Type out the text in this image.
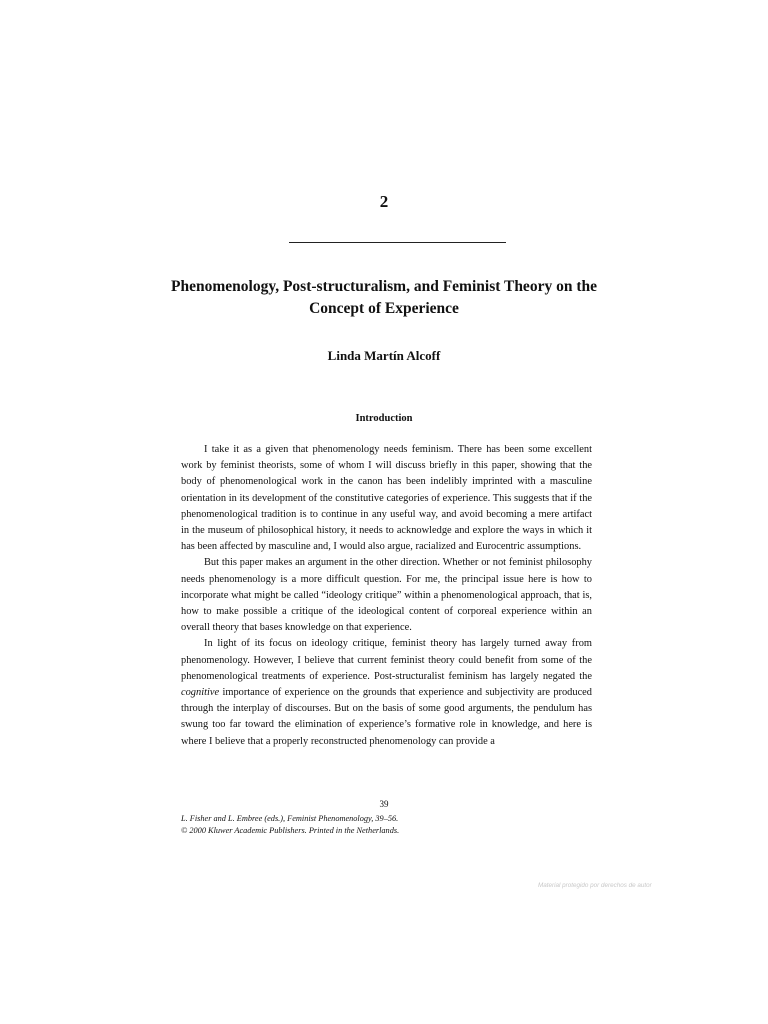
2
Phenomenology, Post-structuralism, and Feminist Theory on the Concept of Experience
Linda Martín Alcoff
Introduction

I take it as a given that phenomenology needs feminism. There has been some excellent work by feminist theorists, some of whom I will discuss briefly in this paper, showing that the body of phenomenological work in the canon has been indelibly imprinted with a masculine orientation in its development of the constitutive categories of experience. This suggests that if the phenomenological tradition is to continue in any useful way, and avoid becoming a mere artifact in the museum of philosophical history, it needs to acknowledge and explore the ways in which it has been affected by masculine and, I would also argue, racialized and Eurocentric assumptions.

But this paper makes an argument in the other direction. Whether or not feminist philosophy needs phenomenology is a more difficult question. For me, the principal issue here is how to incorporate what might be called “ideology critique” within a phenomenological approach, that is, how to make possible a critique of the ideological content of corporeal experience within an overall theory that bases knowledge on that experience.

In light of its focus on ideology critique, feminist theory has largely turned away from phenomenology. However, I believe that current feminist theory could benefit from some of the phenomenological treatments of experience. Post-structuralist feminism has largely negated the cognitive importance of experience on the grounds that experience and subjectivity are produced through the interplay of discourses. But on the basis of some good arguments, the pendulum has swung too far toward the elimination of experience’s formative role in knowledge, and here is where I believe that a properly reconstructed phenomenology can provide a

39
L. Fisher and L. Embree (eds.), Feminist Phenomenology, 39–56.
© 2000 Kluwer Academic Publishers. Printed in the Netherlands.
Material protegido por derechos de autor
